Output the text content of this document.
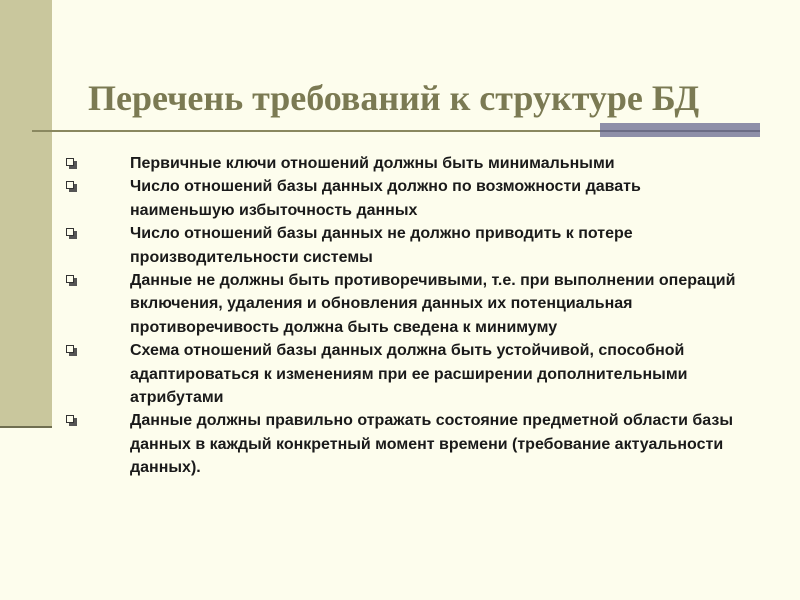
Перечень требований к структуре БД
Первичные ключи отношений должны быть минимальными
Число отношений базы данных должно по возможности давать наименьшую избыточность данных
Число отношений базы данных не должно приводить к потере производительности системы
Данные не должны быть противоречивыми, т.е. при выполнении операций включения, удаления и обновления данных их потенциальная противоречивость должна быть сведена к минимуму
Схема отношений базы данных должна быть устойчивой, способной адаптироваться к изменениям при ее расширении дополнительными атрибутами
Данные должны правильно отражать состояние предметной области базы данных в каждый конкретный момент времени (требование актуальности данных).
